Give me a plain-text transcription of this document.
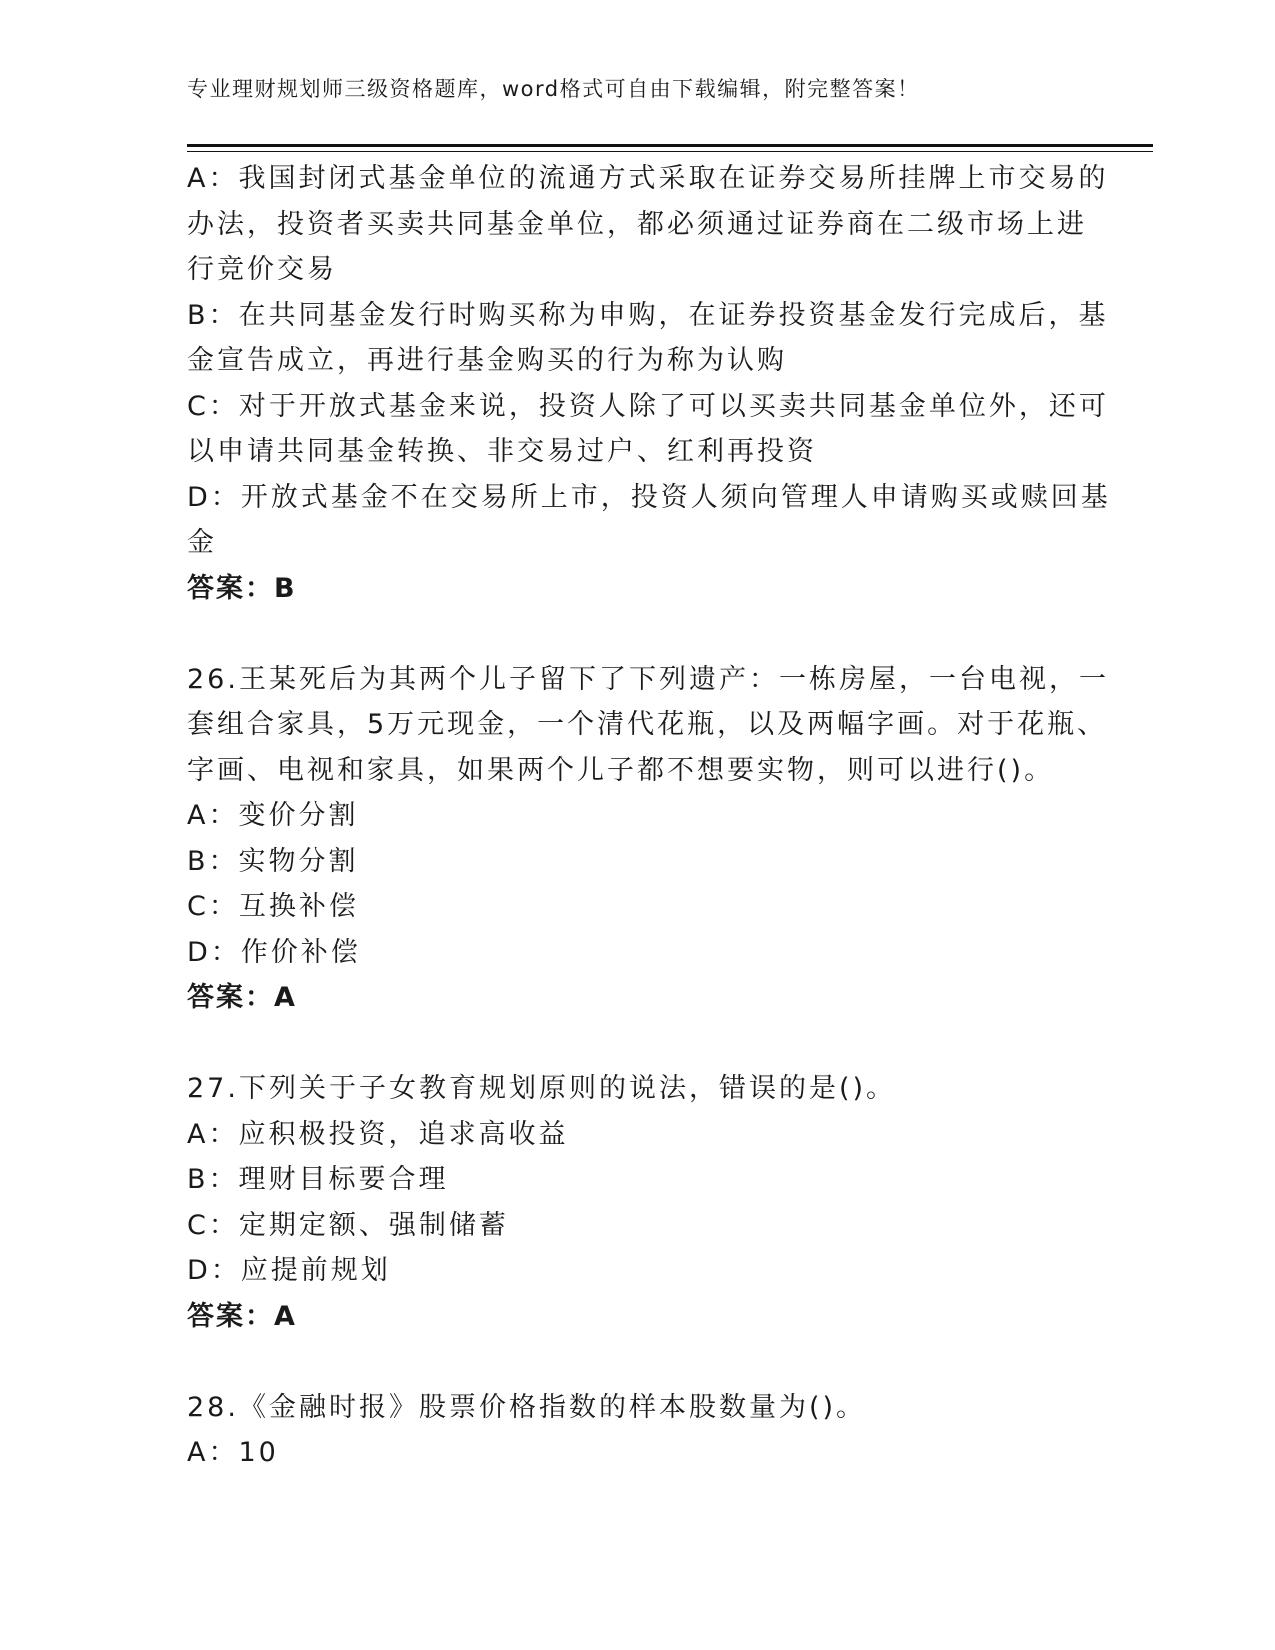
专业理财规划师三级资格题库，word格式可自由下载编辑，附完整答案！
A：我国封闭式基金单位的流通方式采取在证券交易所挂牌上市交易的
办法，投资者买卖共同基金单位，都必须通过证券商在二级市场上进
行竞价交易
B：在共同基金发行时购买称为申购，在证券投资基金发行完成后，基
金宣告成立，再进行基金购买的行为称为认购
C：对于开放式基金来说，投资人除了可以买卖共同基金单位外，还可
以申请共同基金转换、非交易过户、红利再投资
D：开放式基金不在交易所上市，投资人须向管理人申请购买或赎回基
金
答案：B
26.王某死后为其两个儿子留下了下列遗产：一栋房屋，一台电视，一
套组合家具，5万元现金，一个清代花瓶，以及两幅字画。对于花瓶、
字画、电视和家具，如果两个儿子都不想要实物，则可以进行()。
A：变价分割
B：实物分割
C：互换补偿
D：作价补偿
答案：A
27.下列关于子女教育规划原则的说法，错误的是()。
A：应积极投资，追求高收益
B：理财目标要合理
C：定期定额、强制储蓄
D：应提前规划
答案：A
28.《金融时报》股票价格指数的样本股数量为()。
A：10
